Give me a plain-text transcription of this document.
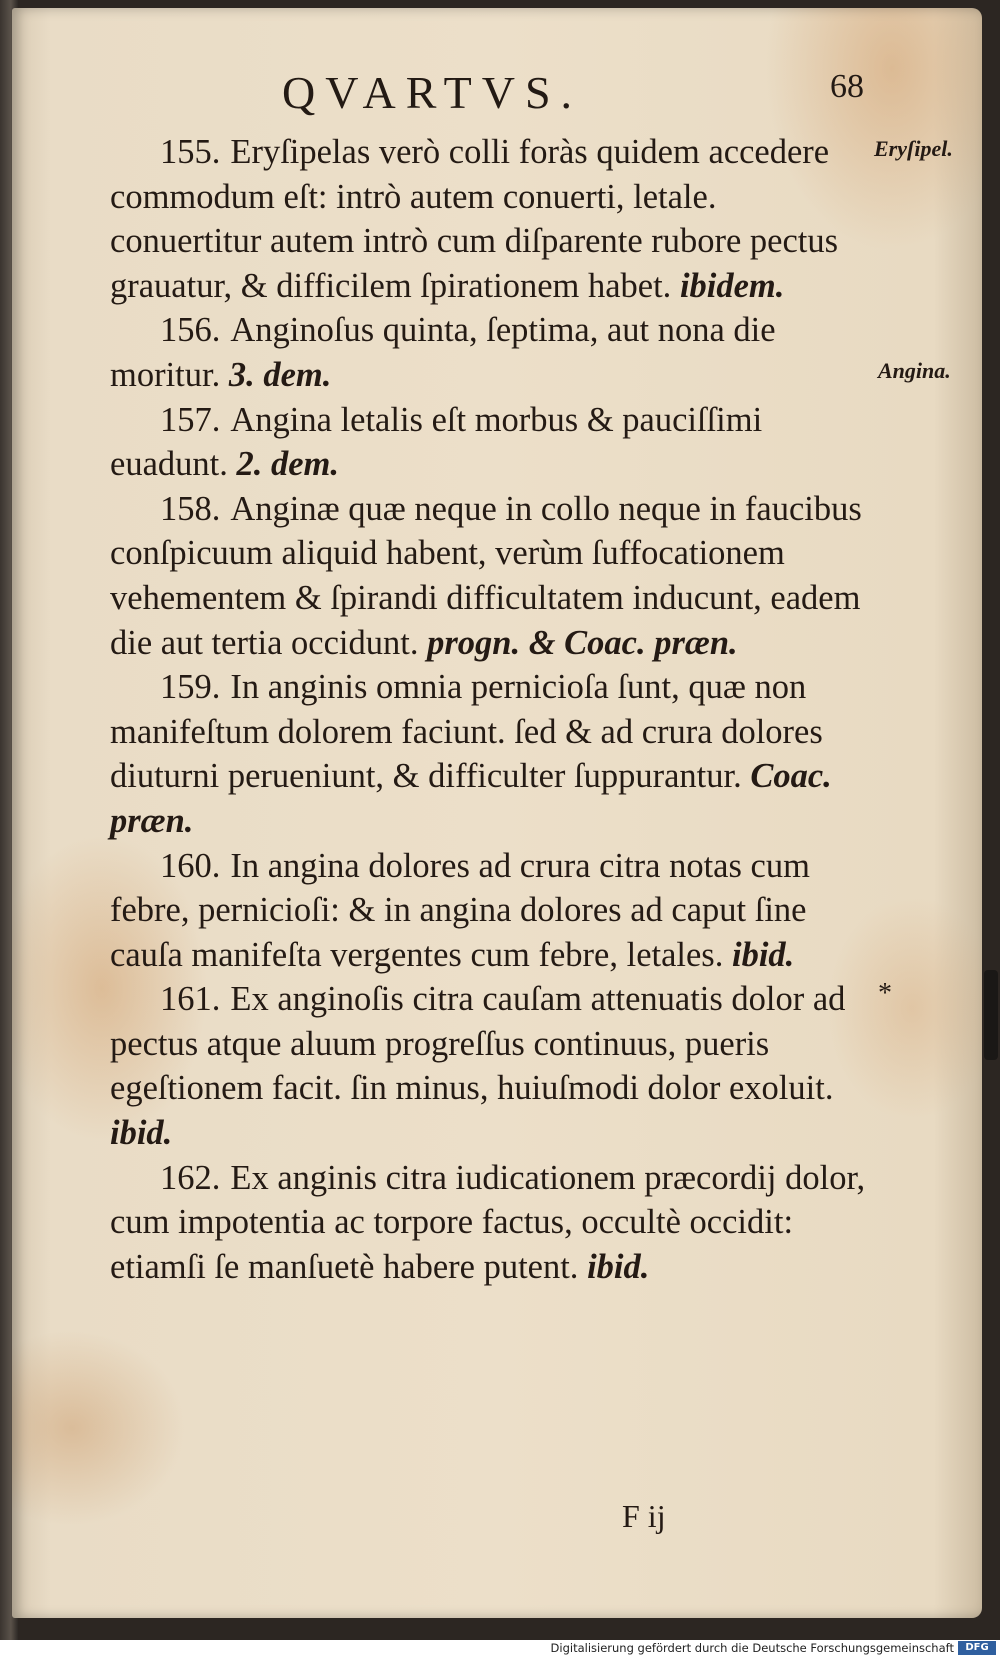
QVARTVS.	68
Eryſipel.
Angina.
*

155. Eryſipelas verò colli foràs quidem accedere commodum eſt: intrò autem conuerti, letale. conuertitur autem intrò cum diſparente rubore pectus grauatur, & difficilem ſpirationem habet. ibidem.

156. Anginoſus quinta, ſeptima, aut nona die moritur. 3. dem.

157. Angina letalis eſt morbus & pauciſſimi euadunt. 2. dem.

158. Anginæ quæ neque in collo neque in faucibus conſpicuum aliquid habent, verùm ſuffocationem vehementem & ſpirandi difficultatem inducunt, eadem die aut tertia occidunt. progn. & Coac. præn.

159. In anginis omnia pernicioſa ſunt, quæ non manifeſtum dolorem faciunt. ſed & ad crura dolores diuturni perueniunt, & difficulter ſuppurantur. Coac. præn.

160. In angina dolores ad crura citra notas cum febre, pernicioſi: & in angina dolores ad caput ſine cauſa manifeſta vergentes cum febre, letales. ibid.

161. Ex anginoſis citra cauſam attenuatis dolor ad pectus atque aluum progreſſus continuus, pueris egeſtionem facit. ſin minus, huiuſmodi dolor exoluit. ibid.

162. Ex anginis citra iudicationem præcordij dolor, cum impotentia ac torpore factus, occultè occidit: etiamſi ſe manſuetè habere putent. ibid.

F ij
Digitalisierung gefördert durch die Deutsche Forschungsgemeinschaft	DFG
